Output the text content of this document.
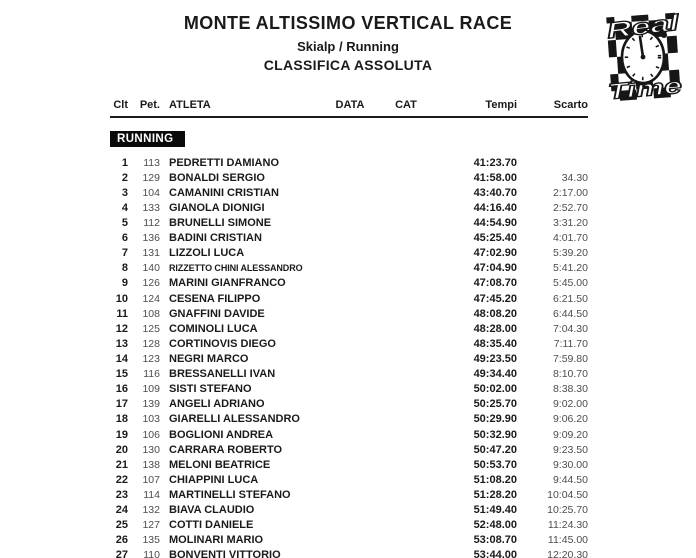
MONTE ALTISSIMO VERTICAL RACE
Skialp / Running
CLASSIFICA ASSOLUTA
Real
Time
Clt	Pet. ATLETA	DATA	CAT	Tempi	Scarto
RUNNING
1	113 PEDRETTI DAMIANO	41:23.70
2	129 BONALDI SERGIO	41:58.00	34.30
3	104 CAMANINI CRISTIAN	43:40.70	2:17.00
4	133 GIANOLA DIONIGI	44:16.40	2:52.70
5	112 BRUNELLI SIMONE	44:54.90	3:31.20
6	136 BADINI CRISTIAN	45:25.40	4:01.70
7	131 LIZZOLI LUCA	47:02.90	5:39.20
8	140	RIZZETTO CHINI ALESSANDRO	47:04.90	5:41.20
9	126 MARINI GIANFRANCO	47:08.70	5:45.00
10	124 CESENA FILIPPO	47:45.20	6:21.50
11	108 GNAFFINI DAVIDE	48:08.20	6:44.50
12	125 COMINOLI LUCA	48:28.00	7:04.30
13	128 CORTINOVIS DIEGO	48:35.40	7:11.70
14	123 NEGRI MARCO	49:23.50	7:59.80
15	116 BRESSANELLI IVAN	49:34.40	8:10.70
16	109 SISTI STEFANO	50:02.00	8:38.30
17	139 ANGELI ADRIANO	50:25.70	9:02.00
18	103 GIARELLI ALESSANDRO	50:29.90	9:06.20
19	106 BOGLIONI ANDREA	50:32.90	9:09.20
20	130 CARRARA ROBERTO	50:47.20	9:23.50
21	138 MELONI BEATRICE	50:53.70	9:30.00
22	107 CHIAPPINI LUCA	51:08.20	9:44.50
23	114 MARTINELLI STEFANO	51:28.20	10:04.50
24	132 BIAVA CLAUDIO	51:49.40	10:25.70
25	127 COTTI DANIELE	52:48.00	11:24.30
26	135 MOLINARI MARIO	53:08.70	11:45.00
27	110 BONVENTI VITTORIO	53:44.00	12:20.30
